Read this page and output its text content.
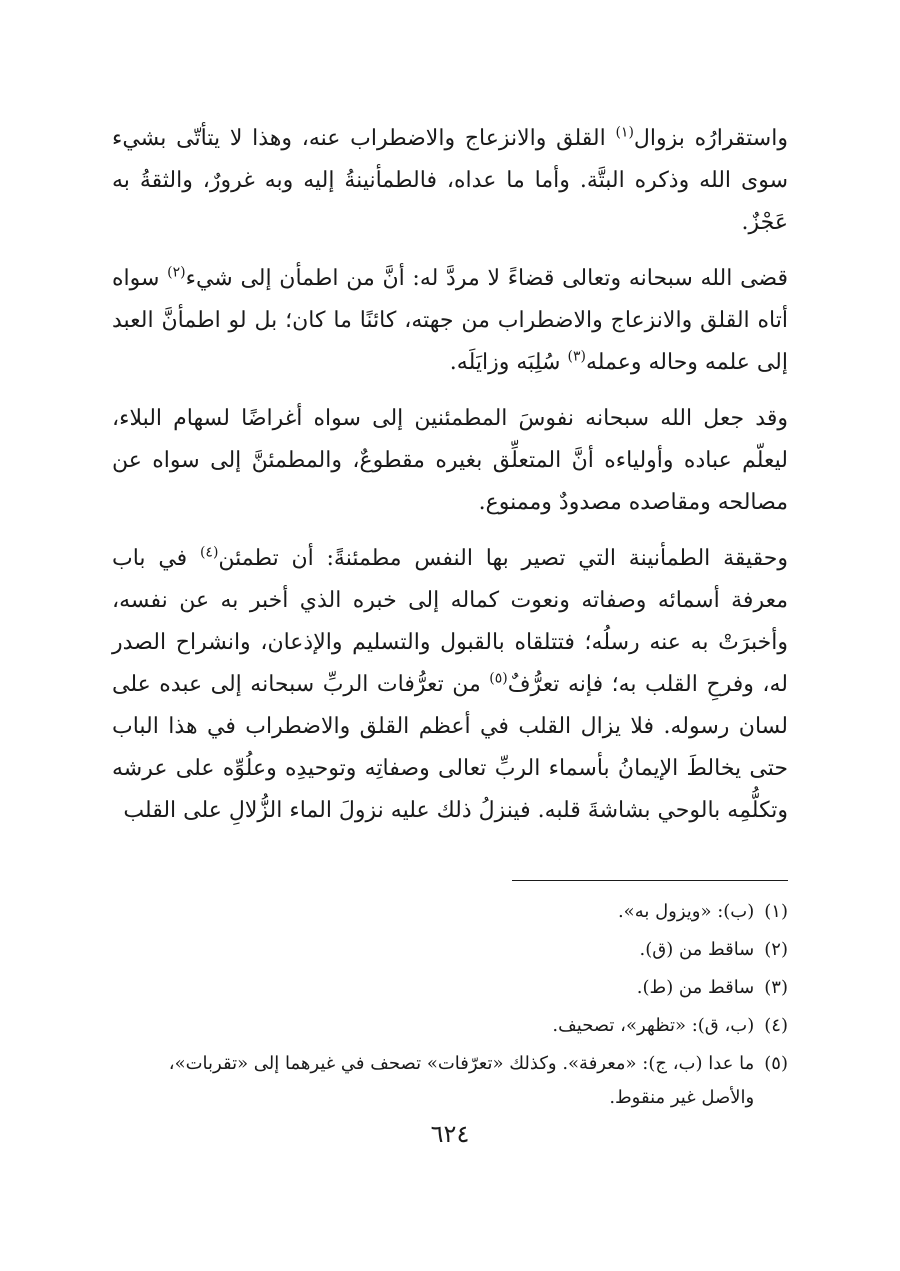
واستقرارُه بزوال$^{(١)}$ القلق والانزعاج والاضطراب عنه، وهذا لا يتأتّى بشيء سوى الله وذكره البتَّة. وأما ما عداه، فالطمأنينةُ إليه وبه غرورٌ، والثقةُ به عَجْزٌ.

قضى الله سبحانه وتعالى قضاءً لا مردَّ له: أنَّ من اطمأن إلى شيء$^{(٢)}$ سواه أتاه القلق والانزعاج والاضطراب من جهته، كائنًا ما كان؛ بل لو اطمأنَّ العبد إلى علمه وحاله وعمله$^{(٣)}$ سُلِبَه وزايَلَه.

وقد جعل الله سبحانه نفوسَ المطمئنين إلى سواه أغراضًا لسهام البلاء، ليعلّم عباده وأولياءه أنَّ المتعلِّق بغيره مقطوعٌ، والمطمئنَّ إلى سواه عن مصالحه ومقاصده مصدودٌ وممنوع.

وحقيقة الطمأنينة التي تصير بها النفس مطمئنةً: أن تطمئن$^{(٤)}$ في باب معرفة أسمائه وصفاته ونعوت كماله إلى خبره الذي أخبر به عن نفسه، وأخبرَتْ به عنه رسلُه؛ فتتلقاه بالقبول والتسليم والإذعان، وانشراح الصدر له، وفرحِ القلب به؛ فإنه تعرُّفٌ$^{(٥)}$ من تعرُّفات الربِّ سبحانه إلى عبده على لسان رسوله. فلا يزال القلب في أعظم القلق والاضطراب في هذا الباب حتى يخالطَ الإيمانُ بأسماء الربِّ تعالى وصفاتِه وتوحيدِه وعلُوِّه على عرشه وتكلُّمِه بالوحي بشاشةَ قلبه. فينزلُ ذلك عليه نزولَ الماء الزُّلالِ على القلب

(١)
(ب): «ويزول به».
(٢)
ساقط من (ق).
(٣)
ساقط من (ط).
(٤)
(ب، ق): «تظهر»، تصحيف.
(٥)
ما عدا (ب، ج): «معرفة». وكذلك «تعرّفات» تصحف في غيرهما إلى «تقربات»، والأصل غير منقوط.
٦٢٤
